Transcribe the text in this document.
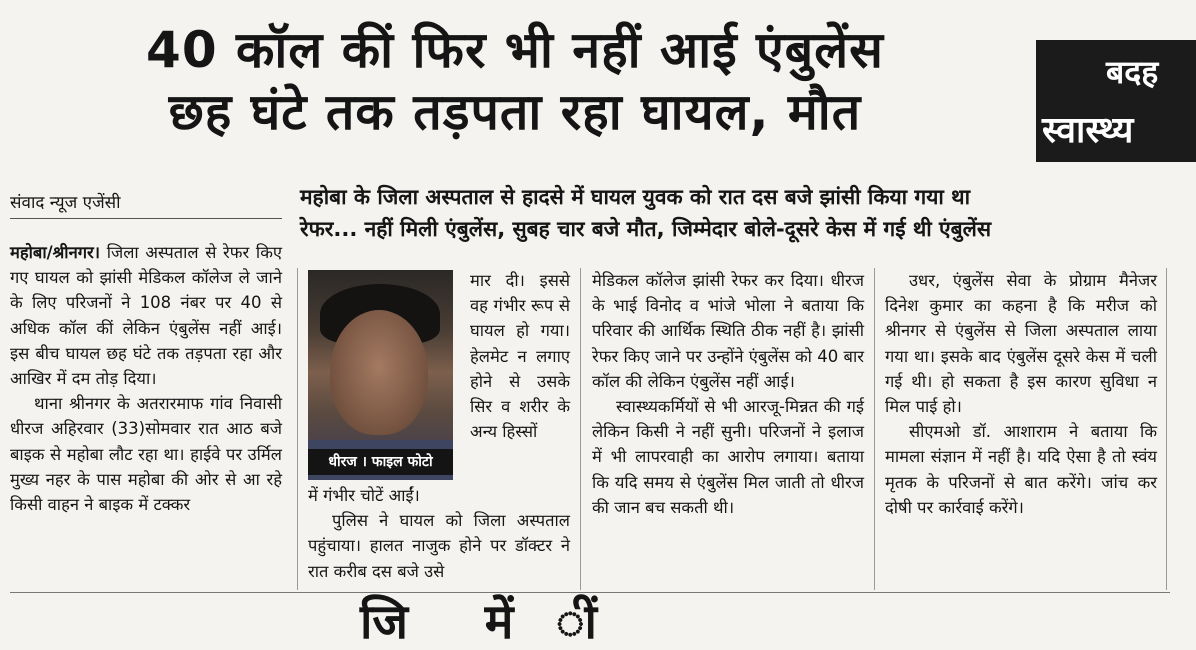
40 कॉल कीं फिर भी नहीं आई एंबुलेंस
छह घंटे तक तड़पता रहा घायल, मौत
बदह
स्वास्थ्य
संवाद न्यूज एजेंसी	महोबा के जिला अस्पताल से हादसे में घायल युवक को रात दस बजे झांसी किया गया था
रेफर... नहीं मिली एंबुलेंस, सुबह चार बजे मौत, जिम्मेदार बोले-दूसरे केस में गई थी एंबुलेंस

महोबा/श्रीनगर। जिला अस्पताल से रेफर किए गए घायल को झांसी मेडिकल कॉलेज ले जाने के लिए परिजनों ने 108 नंबर पर 40 से अधिक कॉल कीं लेकिन एंबुलेंस नहीं आई। इस बीच घायल छह घंटे तक तड़पता रहा और आखिर में दम तोड़ दिया।

थाना श्रीनगर के अतरारमाफ गांव निवासी धीरज अहिरवार (33)सोमवार रात आठ बजे बाइक से महोबा लौट रहा था। हाईवे पर उर्मिल मुख्य नहर के पास महोबा की ओर से आ रहे किसी वाहन ने बाइक में टक्कर

धीरज । फाइल फोटो

मार दी। इससे वह गंभीर रूप से घायल हो गया। हेलमेट न लगाए होने से उसके सिर व शरीर के अन्य हिस्सों

में गंभीर चोटें आईं।

पुलिस ने घायल को जिला अस्पताल पहुंचाया। हालत नाजुक होने पर डॉक्टर ने रात करीब दस बजे उसे

मेडिकल कॉलेज झांसी रेफर कर दिया। धीरज के भाई विनोद व भांजे भोला ने बताया कि परिवार की आर्थिक स्थिति ठीक नहीं है। झांसी रेफर किए जाने पर उन्होंने एंबुलेंस को 40 बार कॉल की लेकिन एंबुलेंस नहीं आई।

स्वास्थ्यकर्मियों से भी आरजू-मिन्नत की गई लेकिन किसी ने नहीं सुनी। परिजनों ने इलाज में भी लापरवाही का आरोप लगाया। बताया कि यदि समय से एंबुलेंस मिल जाती तो धीरज की जान बच सकती थी।

उधर, एंबुलेंस सेवा के प्रोग्राम मैनेजर दिनेश कुमार का कहना है कि मरीज को श्रीनगर से एंबुलेंस से जिला अस्पताल लाया गया था। इसके बाद एंबुलेंस दूसरे केस में चली गई थी। हो सकता है इस कारण सुविधा न मिल पाई हो।

सीएमओ डॉ. आशाराम ने बताया कि मामला संज्ञान में नहीं है। यदि ऐसा है तो स्वंय मृतक के परिजनों से बात करेंगे। जांच कर दोषी पर कार्रवाई करेंगे।

जि में ीं
